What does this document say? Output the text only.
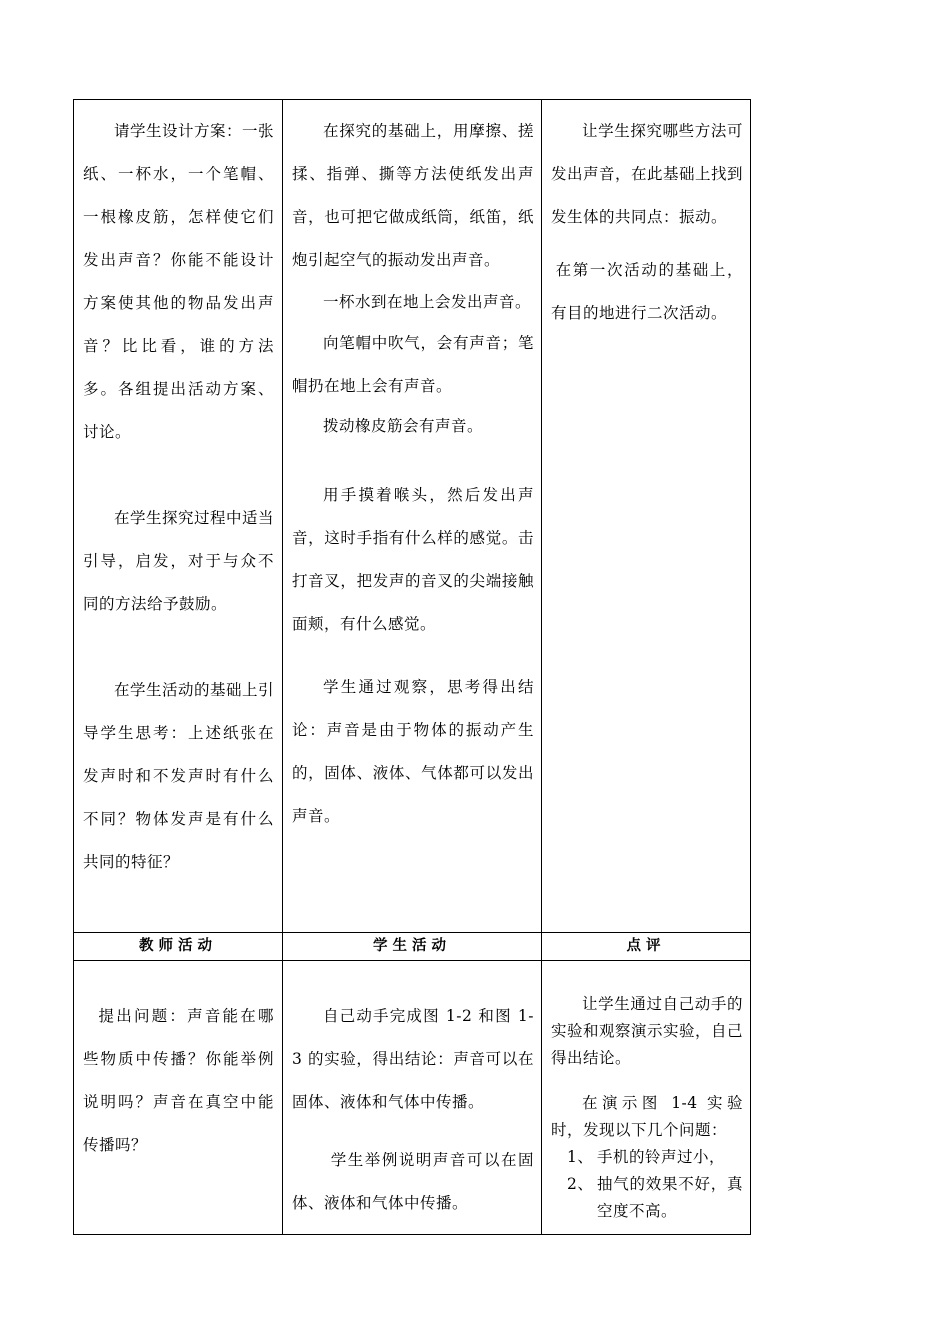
请学生设计方案：一张纸、一杯水，一个笔帽、一根橡皮筋，怎样使它们发出声音？你能不能设计方案使其他的物品发出声音？比比看，谁的方法多。各组提出活动方案、讨论。

在学生探究过程中适当引导，启发，对于与众不同的方法给予鼓励。

在学生活动的基础上引导学生思考：上述纸张在发声时和不发声时有什么不同？物体发声是有什么共同的特征？

在探究的基础上，用摩擦、搓揉、指弹、撕等方法使纸发出声音，也可把它做成纸筒，纸笛，纸炮引起空气的振动发出声音。

一杯水到在地上会发出声音。

向笔帽中吹气，会有声音；笔帽扔在地上会有声音。

拨动橡皮筋会有声音。

用手摸着喉头，然后发出声音，这时手指有什么样的感觉。击打音叉，把发声的音叉的尖端接触面颊，有什么感觉。

学生通过观察，思考得出结论：声音是由于物体的振动产生的，固体、液体、气体都可以发出声音。

让学生探究哪些方法可发出声音，在此基础上找到发生体的共同点：振动。

在第一次活动的基础上，有目的地进行二次活动。

教师活动	学生活动	点评

提出问题：声音能在哪些物质中传播？你能举例说明吗？声音在真空中能传播吗？

自己动手完成图 1-2 和图 1-3 的实验，得出结论：声音可以在固体、液体和气体中传播。

学生举例说明声音可以在固体、液体和气体中传播。

让学生通过自己动手的实验和观察演示实验，自己得出结论。

在演示图 1-4 实验时，发现以下几个问题：

1、 手机的铃声过小，
2、 抽气的效果不好，真空度不高。
